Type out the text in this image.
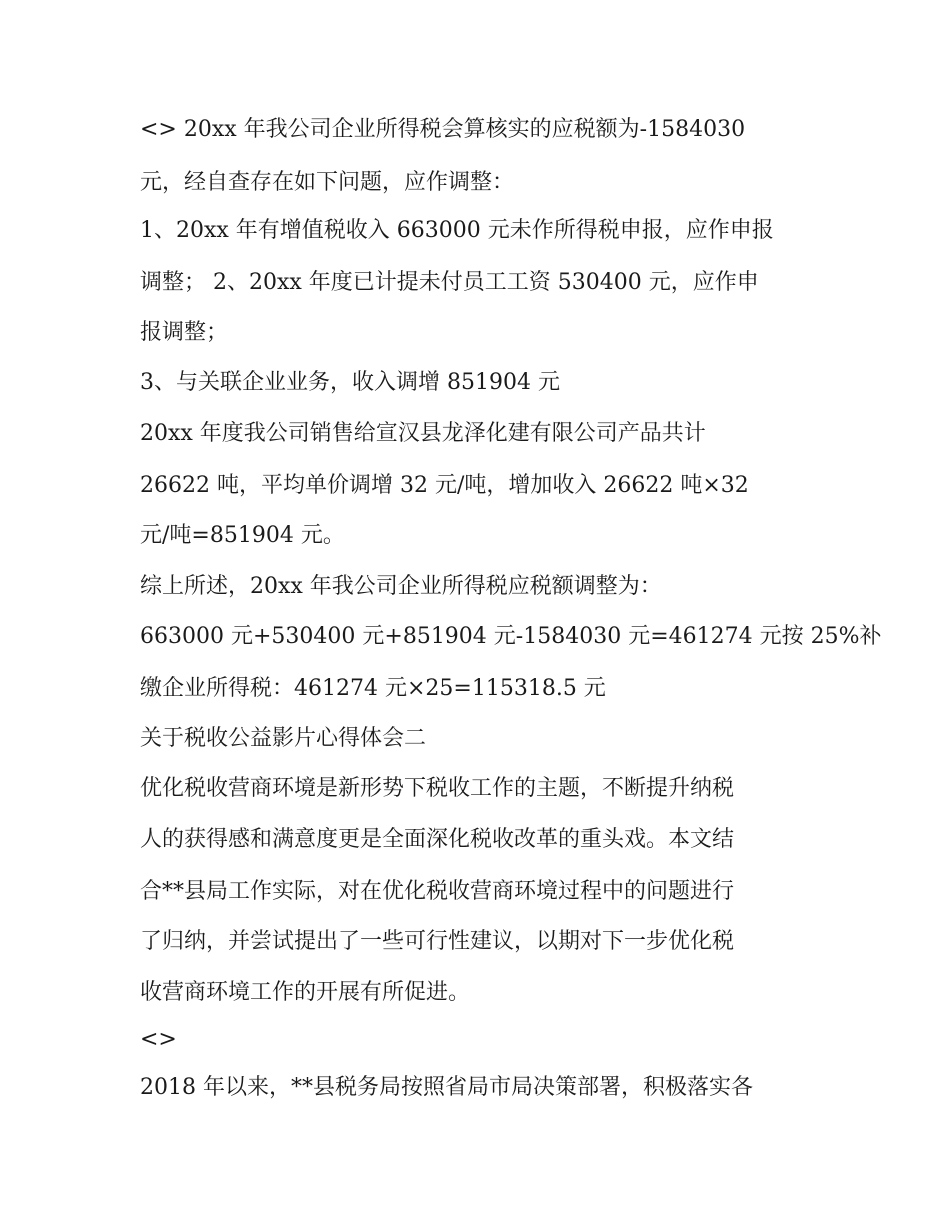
<> 20xx 年我公司企业所得税会算核实的应税额为-1584030
元，经自查存在如下问题，应作调整：
1、20xx 年有增值税收入 663000 元未作所得税申报，应作申报
调整； 2、20xx 年度已计提未付员工工资 530400 元，应作申
报调整；
3、与关联企业业务，收入调增 851904 元
20xx 年度我公司销售给宣汉县龙泽化建有限公司产品共计
26622 吨，平均单价调增 32 元/吨，增加收入 26622 吨×32
元/吨=851904 元。
综上所述，20xx 年我公司企业所得税应税额调整为：
663000 元+530400 元+851904 元-1584030 元=461274 元按 25%补
缴企业所得税：461274 元×25=115318.5 元
关于税收公益影片心得体会二
优化税收营商环境是新形势下税收工作的主题，不断提升纳税
人的获得感和满意度更是全面深化税收改革的重头戏。本文结
合**县局工作实际，对在优化税收营商环境过程中的问题进行
了归纳，并尝试提出了一些可行性建议，以期对下一步优化税
收营商环境工作的开展有所促进。
<>
2018 年以来，**县税务局按照省局市局决策部署，积极落实各
